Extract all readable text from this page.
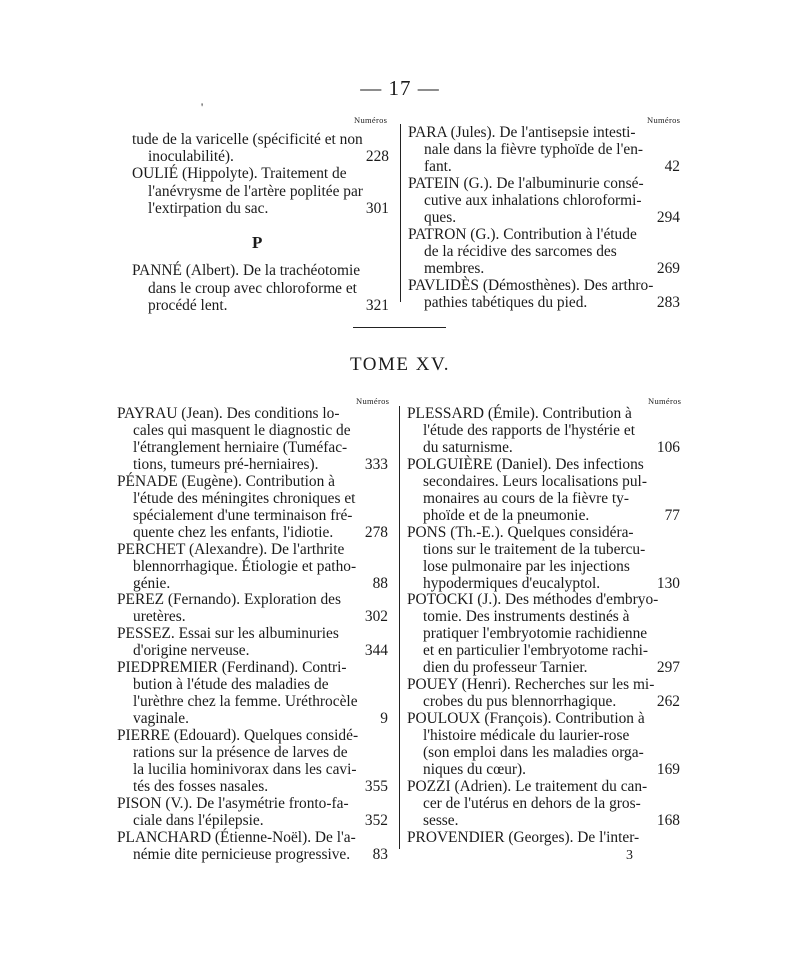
— 17 —
'
Numéros	Numéros
tude de la varicelle (spécificité et non
inoculabilité).	228
OULIÉ (Hippolyte). Traitement de
l'anévrysme de l'artère poplitée par
l'extirpation du sac.	301
P
PANNÉ (Albert). De la trachéotomie
dans le croup avec chloroforme et
procédé lent.	321
PARA (Jules). De l'antisepsie intesti-
nale dans la fièvre typhoïde de l'en-
fant.	42
PATEIN (G.). De l'albuminurie consé-
cutive aux inhalations chloroformi-
ques.	294
PATRON (G.). Contribution à l'étude
de la récidive des sarcomes des
membres.	269
PAVLIDÈS (Démosthènes). Des arthro-
pathies tabétiques du pied.	283
TOME XV.
Numéros	Numéros
PAYRAU (Jean). Des conditions lo-
cales qui masquent le diagnostic de
l'étranglement herniaire (Tuméfac-
tions, tumeurs pré-herniaires).	333
PÉNADE (Eugène). Contribution à
l'étude des méningites chroniques et
spécialement d'une terminaison fré-
quente chez les enfants, l'idiotie. 278
PERCHET (Alexandre). De l'arthrite
blennorrhagique. Étiologie et patho-
génie.	88
PEREZ (Fernando). Exploration des
uretères.	302
PESSEZ. Essai sur les albuminuries
d'origine nerveuse.	344
PIEDPREMIER (Ferdinand). Contri-
bution à l'étude des maladies de
l'urèthre chez la femme. Uréthrocèle
vaginale.	9
PIERRE (Edouard). Quelques considé-
rations sur la présence de larves de
la lucilia hominivorax dans les cavi-
tés des fosses nasales.	355
PISON (V.). De l'asymétrie fronto-fa-
ciale dans l'épilepsie.	352
PLANCHARD (Étienne-Noël). De l'a-
némie dite pernicieuse progressive. 83
PLESSARD (Émile). Contribution à
l'étude des rapports de l'hystérie et
du saturnisme.	106
POLGUIÈRE (Daniel). Des infections
secondaires. Leurs localisations pul-
monaires au cours de la fièvre ty-
phoïde et de la pneumonie.	77
PONS (Th.-E.). Quelques considéra-
tions sur le traitement de la tubercu-
lose pulmonaire par les injections
hypodermiques d'eucalyptol.	130
POTOCKI (J.). Des méthodes d'embryo-
tomie. Des instruments destinés à
pratiquer l'embryotomie rachidienne
et en particulier l'embryotome rachi-
dien du professeur Tarnier.	297
POUEY (Henri). Recherches sur les mi-
crobes du pus blennorrhagique.	262
POULOUX (François). Contribution à
l'histoire médicale du laurier-rose
(son emploi dans les maladies orga-
niques du cœur).	169
POZZI (Adrien). Le traitement du can-
cer de l'utérus en dehors de la gros-
sesse.	168
PROVENDIER (Georges). De l'inter-
3
